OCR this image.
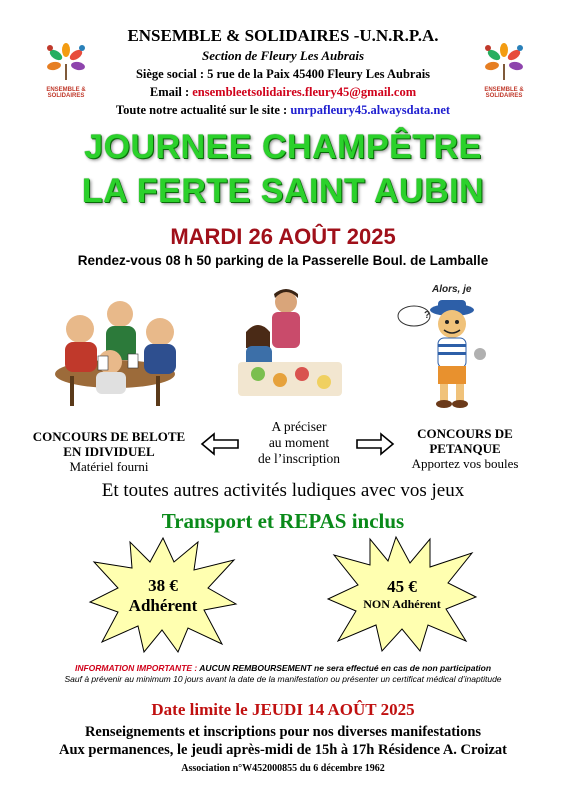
ENSEMBLE & SOLIDAIRES
ENSEMBLE & SOLIDAIRES
ENSEMBLE & SOLIDAIRES -U.N.R.P.A.
Section de Fleury Les Aubrais
Siège social : 5 rue de la Paix 45400 Fleury Les Aubrais
Email : ensembleetsolidaires.fleury45@gmail.com
Toute notre actualité sur le site : unrpafleury45.alwaysdata.net
JOURNEE CHAMPÊTRE
LA FERTE SAINT AUBIN
MARDI 26 AOÛT 2025
Rendez-vous 08 h 50 parking de la Passerelle Boul. de Lamballe
Alors, je
?
CONCOURS DE BELOTE
EN IDIVIDUEL
Matériel fourni
A préciser
au moment
de l’inscription
CONCOURS DE
PETANQUE
Apportez vos boules
Et toutes autres activités ludiques avec vos jeux
Transport et REPAS inclus
38 €
Adhérent
45 €
NON Adhérent
INFORMATION IMPORTANTE : AUCUN REMBOURSEMENT ne sera effectué en cas de non participation
Sauf à prévenir au minimum 10 jours avant la date de la manifestation ou présenter un certificat médical d’inaptitude
Date limite le JEUDI 14 AOÛT 2025
Renseignements et inscriptions pour nos diverses manifestations
Aux permanences, le jeudi après-midi de 15h à 17h Résidence A. Croizat
Association n°W452000855 du 6 décembre 1962
